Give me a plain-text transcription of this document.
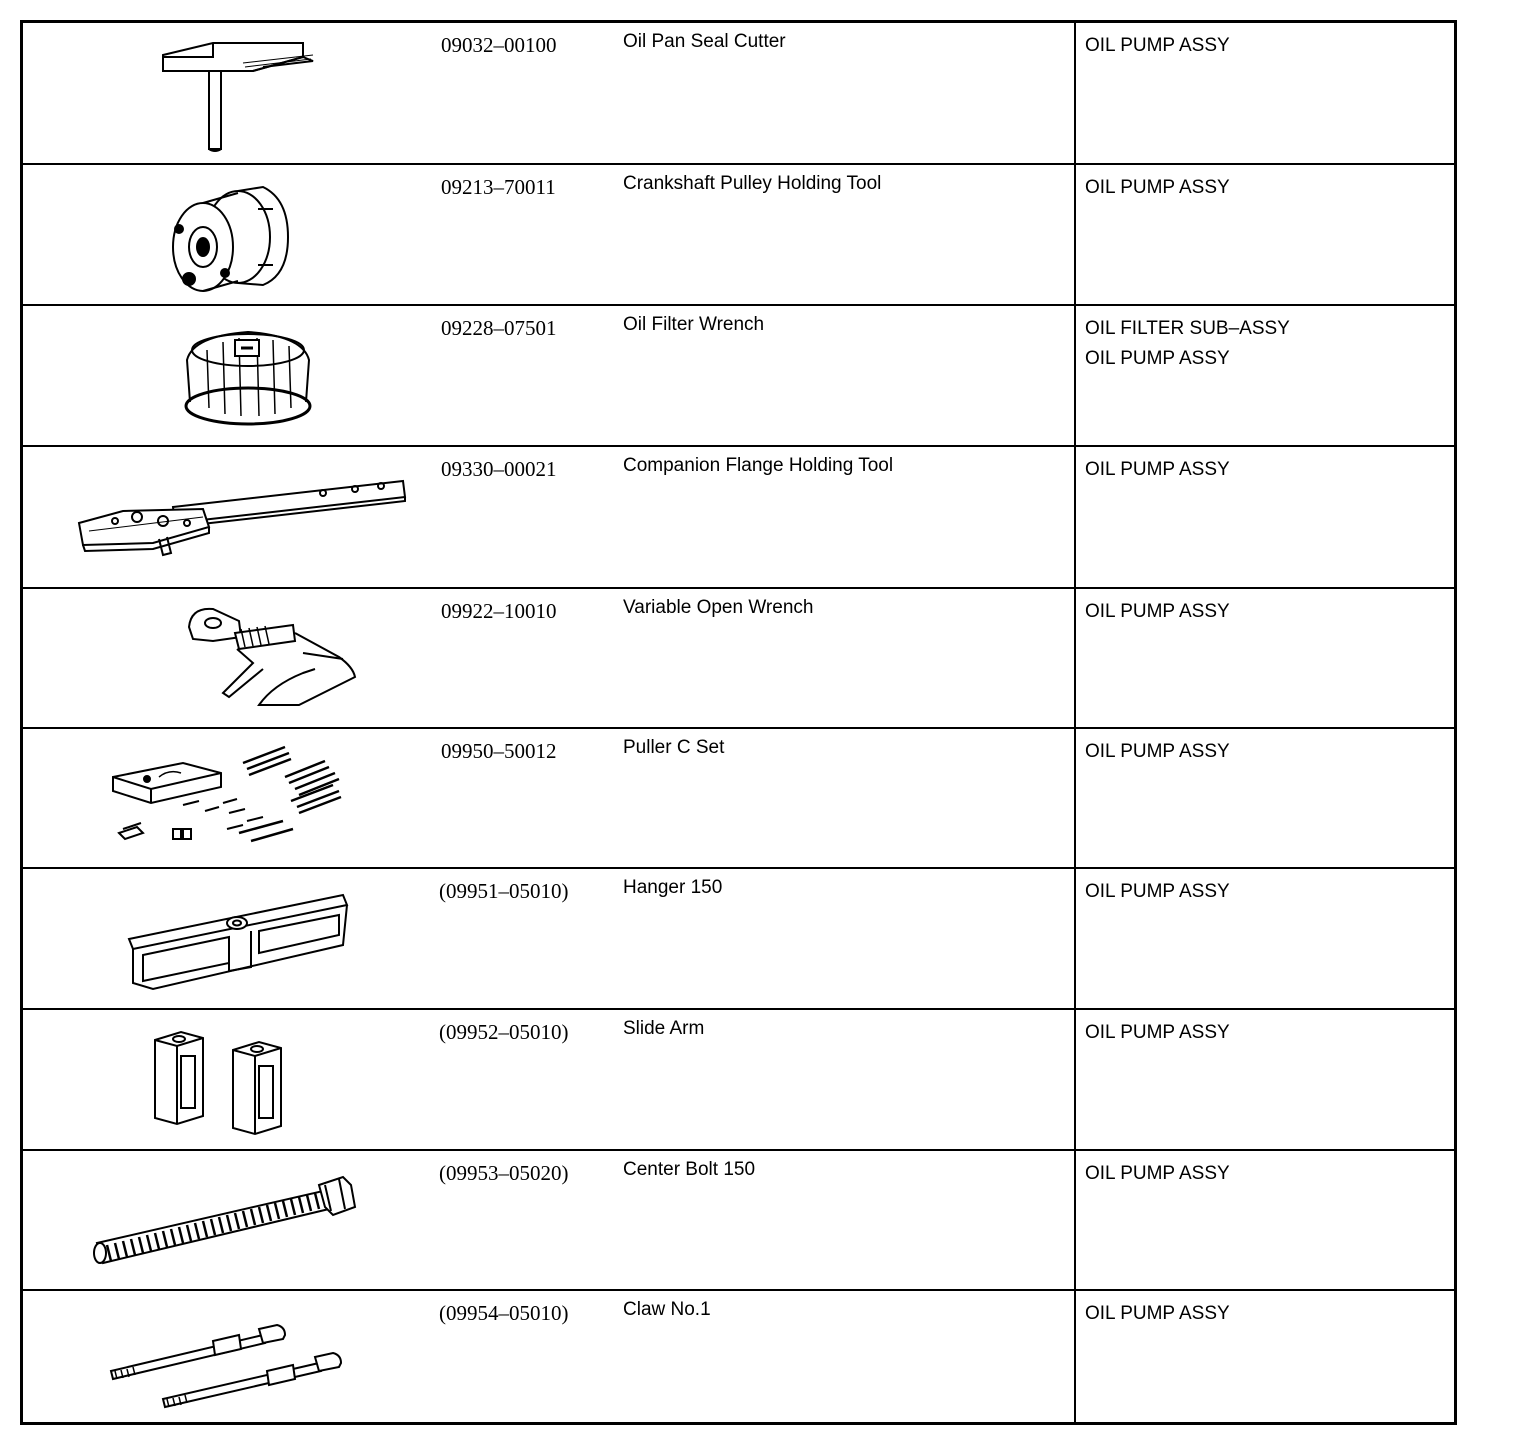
09032–00100	Oil Pan Seal Cutter	OIL PUMP ASSY
09213–70011	Crankshaft Pulley Holding Tool	OIL PUMP ASSY
09228–07501	Oil Filter Wrench	OIL FILTER SUB–ASSY
OIL PUMP ASSY
09330–00021	Companion Flange Holding Tool	OIL PUMP ASSY
09922–10010	Variable Open Wrench	OIL PUMP ASSY
09950–50012	Puller C Set	OIL PUMP ASSY
(09951–05010)	Hanger 150	OIL PUMP ASSY
(09952–05010)	Slide Arm	OIL PUMP ASSY
(09953–05020)	Center Bolt 150	OIL PUMP ASSY
(09954–05010)	Claw No.1	OIL PUMP ASSY
